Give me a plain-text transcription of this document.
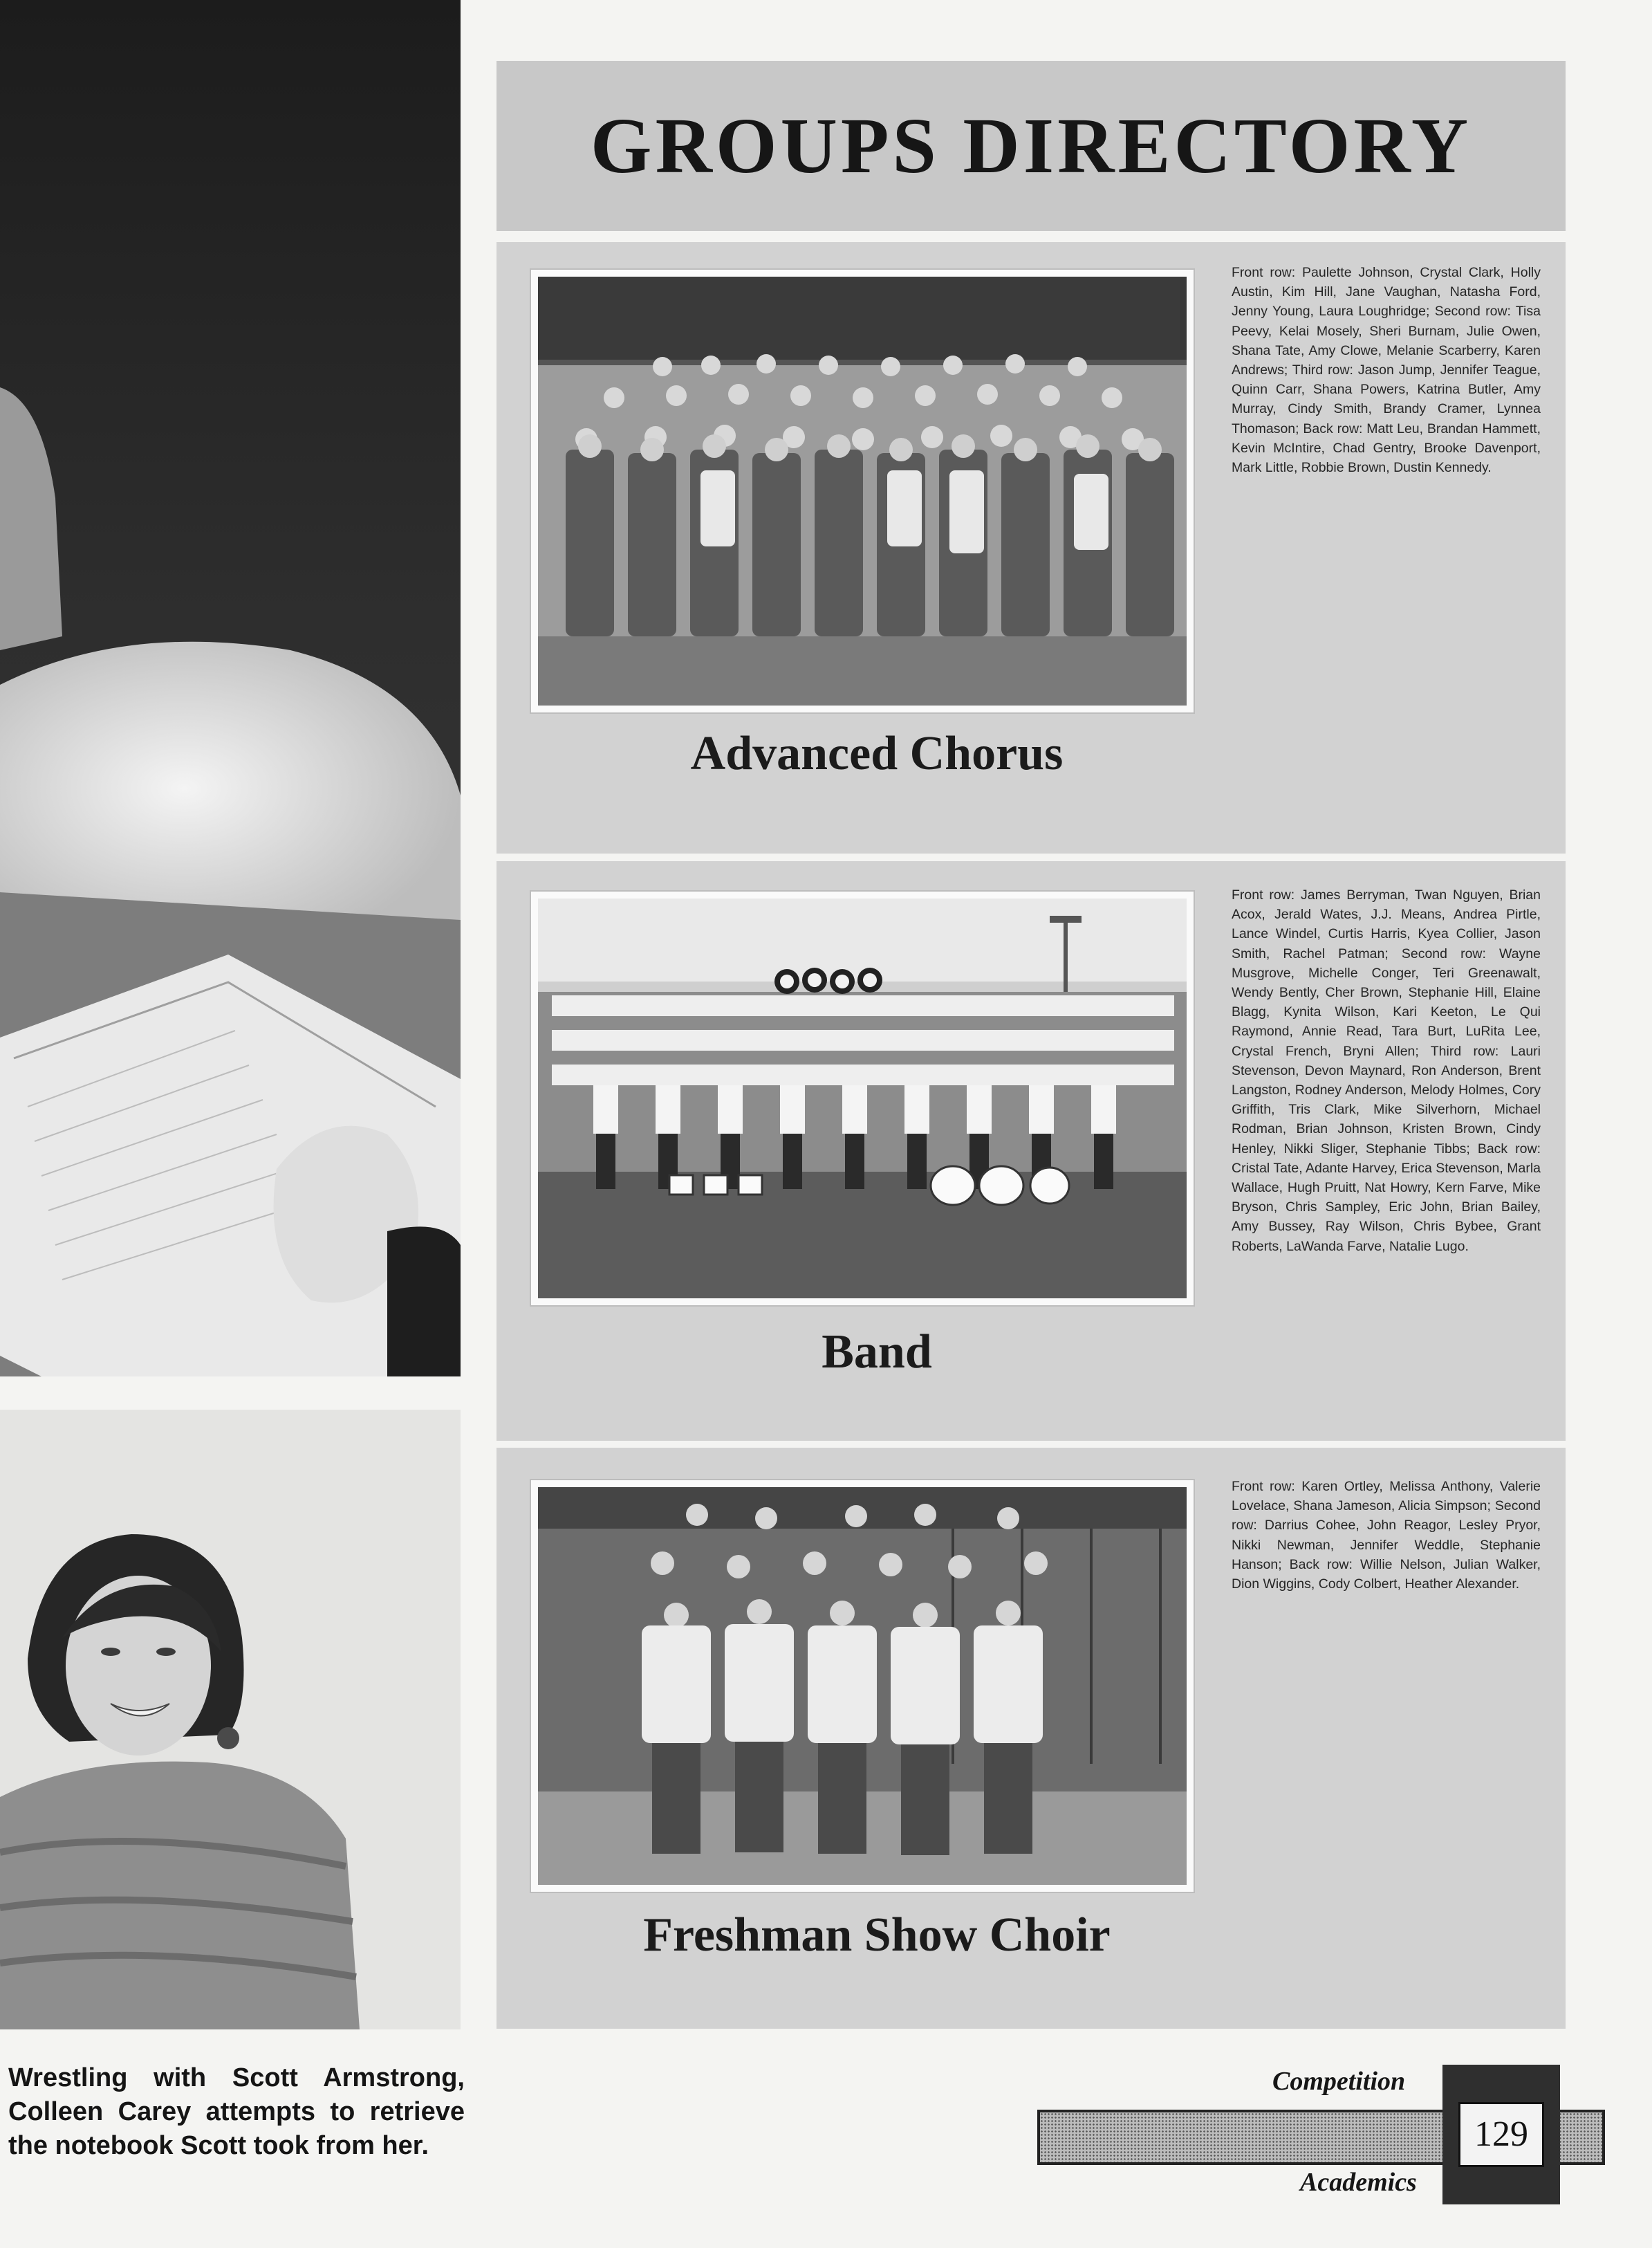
Wrestling with Scott Armstrong, Colleen Carey attempts to retrieve the notebook Scott took from her.
GROUPS DIRECTORY

Front row: Paulette Johnson, Crystal Clark, Holly Austin, Kim Hill, Jane Vaughan, Natasha Ford, Jenny Young, Laura Loughridge; Second row: Tisa Peevy, Kelai Mosely, Sheri Burnam, Julie Owen, Shana Tate, Amy Clowe, Melanie Scarberry, Karen Andrews; Third row: Jason Jump, Jennifer Teague, Quinn Carr, Shana Powers, Katrina Butler, Amy Murray, Cindy Smith, Brandy Cramer, Lynnea Thomason; Back row: Matt Leu, Brandan Hammett, Kevin McIntire, Chad Gentry, Brooke Davenport, Mark Little, Robbie Brown, Dustin Kennedy.

Advanced Chorus

Front row: James Berryman, Twan Nguyen, Brian Acox, Jerald Wates, J.J. Means, Andrea Pirtle, Lance Windel, Curtis Harris, Kyea Collier, Jason Smith, Rachel Patman; Second row: Wayne Musgrove, Michelle Conger, Teri Greenawalt, Wendy Bently, Cher Brown, Stephanie Hill, Elaine Blagg, Kynita Wilson, Kari Keeton, Le Qui Raymond, Annie Read, Tara Burt, LuRita Lee, Crystal French, Bryni Allen; Third row: Lauri Stevenson, Devon Maynard, Ron Anderson, Brent Langston, Rodney Anderson, Melody Holmes, Cory Griffith, Tris Clark, Mike Silverhorn, Michael Rodman, Brian Johnson, Kristen Brown, Cindy Henley, Nikki Sliger, Stephanie Tibbs; Back row: Cristal Tate, Adante Harvey, Erica Stevenson, Marla Wallace, Hugh Pruitt, Nat Howry, Kern Farve, Mike Bryson, Chris Sampley, Eric John, Brian Bailey, Amy Bussey, Ray Wilson, Chris Bybee, Grant Roberts, LaWanda Farve, Natalie Lugo.

Band

Front row: Karen Ortley, Melissa Anthony, Valerie Lovelace, Shana Jameson, Alicia Simpson; Second row: Darrius Cohee, John Reagor, Lesley Pryor, Nikki Newman, Jennifer Weddle, Stephanie Hanson; Back row: Willie Nelson, Julian Walker, Dion Wiggins, Cody Colbert, Heather Alexander.

Freshman Show Choir
Competition
Academics
129
